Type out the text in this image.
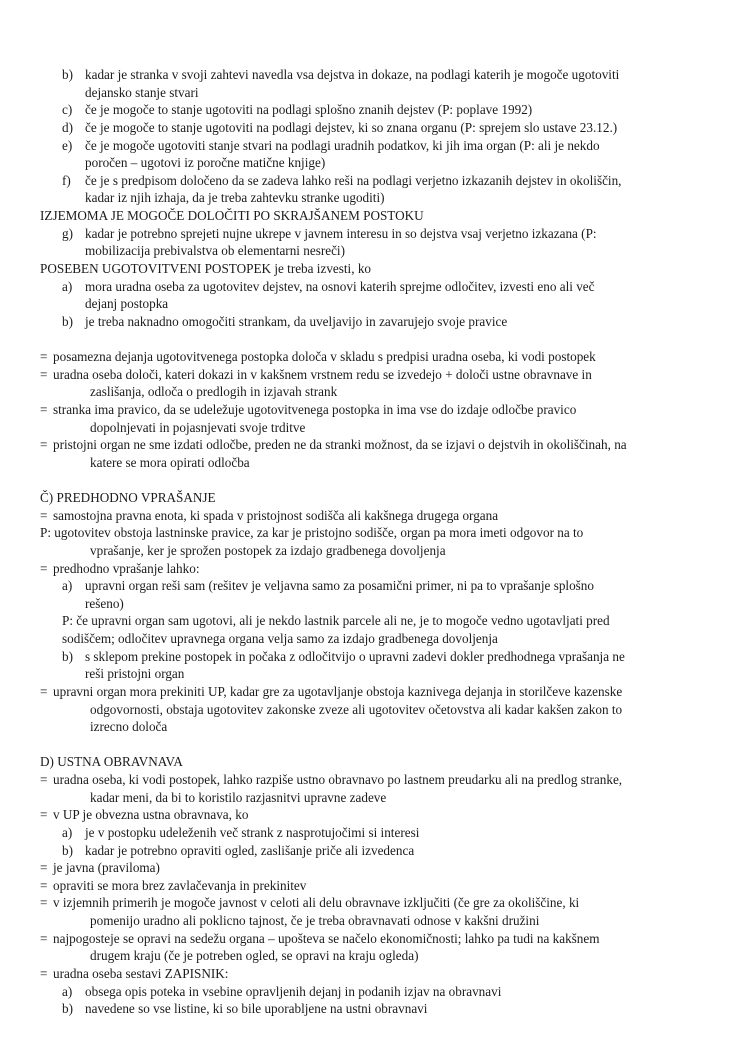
b) kadar je stranka v svoji zahtevi navedla vsa dejstva in dokaze, na podlagi katerih je mogoče ugotoviti
dejansko stanje stvari
c) če je mogoče to stanje ugotoviti na podlagi splošno znanih dejstev (P: poplave 1992)
d) če je mogoče to stanje ugotoviti na podlagi dejstev, ki so znana organu (P: sprejem slo ustave 23.12.)
e) če je mogoče ugotoviti stanje stvari na podlagi uradnih podatkov, ki jih ima organ (P: ali je nekdo
poročen – ugotovi iz poročne matične knjige)
f) če je s predpisom določeno da se zadeva lahko reši na podlagi verjetno izkazanih dejstev in okoliščin,
kadar iz njih izhaja, da je treba zahtevku stranke ugoditi)
IZJEMOMA JE MOGOČE DOLOČITI PO SKRAJŠANEM POSTOKU
g) kadar je potrebno sprejeti nujne ukrepe v javnem interesu in so dejstva vsaj verjetno izkazana (P:
mobilizacija prebivalstva ob elementarni nesreči)
POSEBEN UGOTOVITVENI POSTOPEK je treba izvesti, ko
a) mora uradna oseba za ugotovitev dejstev, na osnovi katerih sprejme odločitev, izvesti eno ali več
dejanj postopka
b) je treba naknadno omogočiti strankam, da uveljavijo in zavarujejo svoje pravice
= posamezna dejanja ugotovitvenega postopka določa v skladu s predpisi uradna oseba, ki vodi postopek
= uradna oseba določi, kateri dokazi in v kakšnem vrstnem redu se izvedejo + določi ustne obravnave in
zaslišanja, odloča o predlogih in izjavah strank
= stranka ima pravico, da se udeležuje ugotovitvenega postopka in ima vse do izdaje odločbe pravico
dopolnjevati in pojasnjevati svoje trditve
= pristojni organ ne sme izdati odločbe, preden ne da stranki možnost, da se izjavi o dejstvih in okoliščinah, na
katere se mora opirati odločba
Č) PREDHODNO VPRAŠANJE
= samostojna pravna enota, ki spada v pristojnost sodišča ali kakšnega drugega organa
P: ugotovitev obstoja lastninske pravice, za kar je pristojno sodišče, organ pa mora imeti odgovor na to
vprašanje, ker je sprožen postopek za izdajo gradbenega dovoljenja
= predhodno vprašanje lahko:
a) upravni organ reši sam (rešitev je veljavna samo za posamični primer, ni pa to vprašanje splošno
rešeno)
P: če upravni organ sam ugotovi, ali je nekdo lastnik parcele ali ne, je to mogoče vedno ugotavljati pred
sodiščem; odločitev upravnega organa velja samo za izdajo gradbenega dovoljenja
b) s sklepom prekine postopek in počaka z odločitvijo o upravni zadevi dokler predhodnega vprašanja ne
reši pristojni organ
= upravni organ mora prekiniti UP, kadar gre za ugotavljanje obstoja kaznivega dejanja in storilčeve kazenske
odgovornosti, obstaja ugotovitev zakonske zveze ali ugotovitev očetovstva ali kadar kakšen zakon to
izrecno določa
D) USTNA OBRAVNAVA
= uradna oseba, ki vodi postopek, lahko razpiše ustno obravnavo po lastnem preudarku ali na predlog stranke,
kadar meni, da bi to koristilo razjasnitvi upravne zadeve
= v UP je obvezna ustna obravnava, ko
a) je v postopku udeleženih več strank z nasprotujočimi si interesi
b) kadar je potrebno opraviti ogled, zaslišanje priče ali izvedenca
= je javna (praviloma)
= opraviti se mora brez zavlačevanja in prekinitev
= v izjemnih primerih je mogoče javnost v celoti ali delu obravnave izključiti (če gre za okoliščine, ki
pomenijo uradno ali poklicno tajnost, če je treba obravnavati odnose v kakšni družini
= najpogosteje se opravi na sedežu organa – upošteva se načelo ekonomičnosti; lahko pa tudi na kakšnem
drugem kraju (če je potreben ogled, se opravi na kraju ogleda)
= uradna oseba sestavi ZAPISNIK:
a) obsega opis poteka in vsebine opravljenih dejanj in podanih izjav na obravnavi
b) navedene so vse listine, ki so bile uporabljene na ustni obravnavi
